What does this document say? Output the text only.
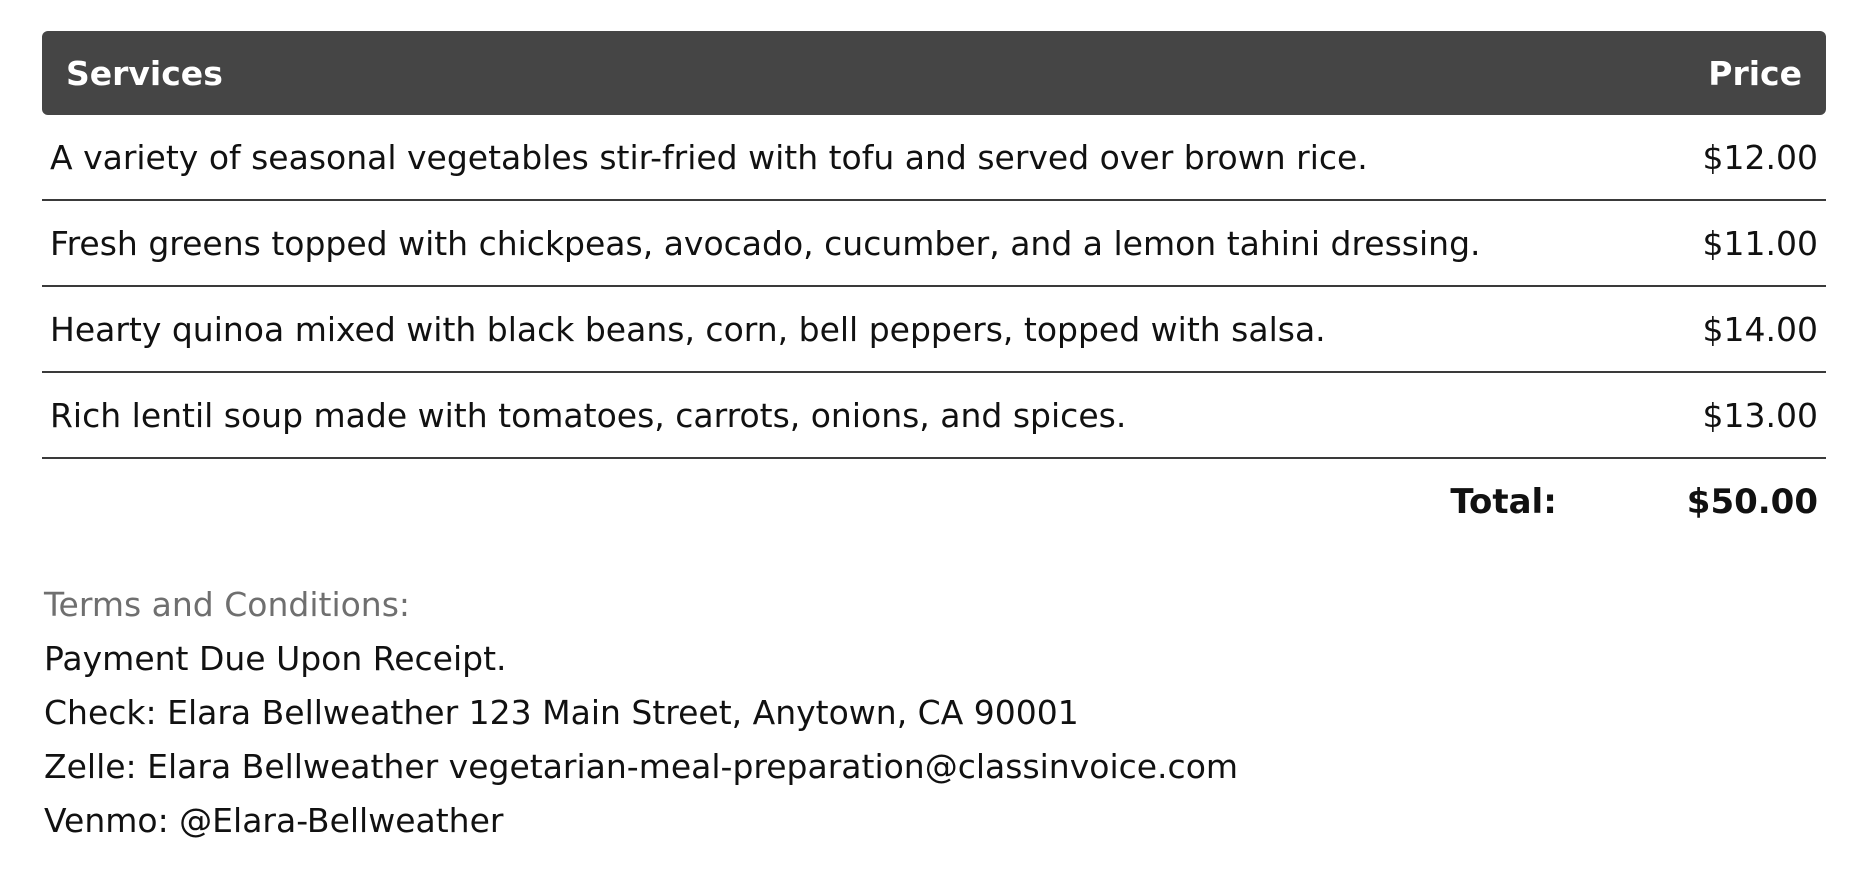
Services	Price
A variety of seasonal vegetables stir-fried with tofu and served over brown rice.	$12.00
Fresh greens topped with chickpeas, avocado, cucumber, and a lemon tahini dressing.	$11.00
Hearty quinoa mixed with black beans, corn, bell peppers, topped with salsa.	$14.00
Rich lentil soup made with tomatoes, carrots, onions, and spices.	$13.00
Total:	$50.00
Terms and Conditions:
Payment Due Upon Receipt.
Check: Elara Bellweather 123 Main Street, Anytown, CA 90001
Zelle: Elara Bellweather vegetarian-meal-preparation@classinvoice.com
Venmo: @Elara-Bellweather
